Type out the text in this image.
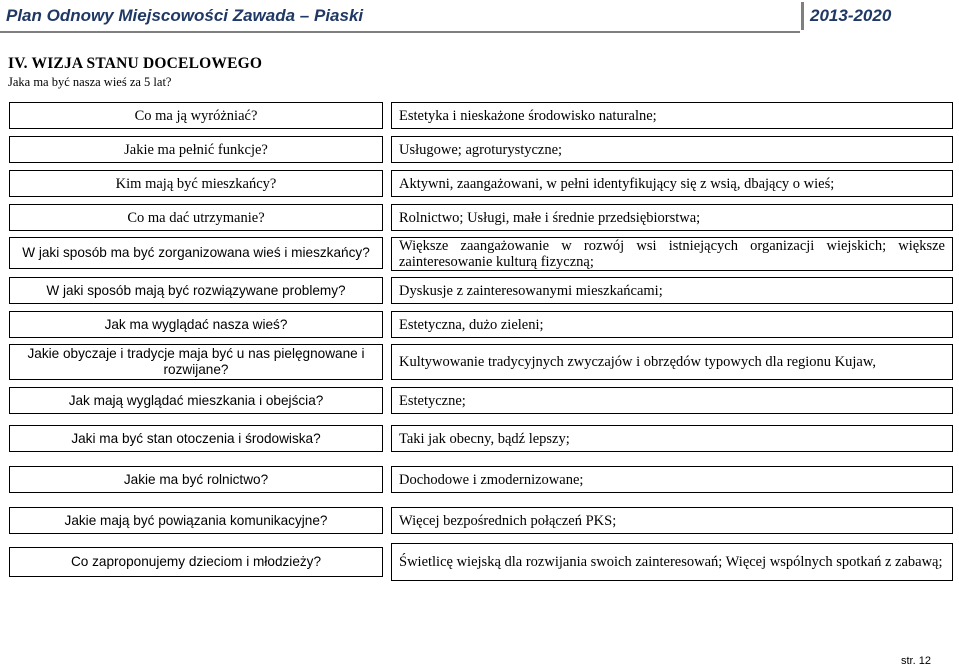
Plan Odnowy Miejscowości Zawada – Piaski	2013-2020
IV. WIZJA STANU DOCELOWEGO
Jaka ma być nasza wieś za 5 lat?
Co ma ją wyróżniać?	Estetyka i nieskażone środowisko naturalne;
Jakie ma pełnić funkcje?	Usługowe; agroturystyczne;
Kim mają być mieszkańcy?	Aktywni, zaangażowani, w pełni identyfikujący się z wsią, dbający o wieś;
Co ma dać utrzymanie?	Rolnictwo; Usługi, małe i średnie przedsiębiorstwa;
W jaki sposób ma być zorganizowana wieś i mieszkańcy?	Większe zaangażowanie w rozwój wsi istniejących organizacji wiejskich; większe zainteresowanie kulturą fizyczną;
W jaki sposób mają być rozwiązywane problemy?	Dyskusje z zainteresowanymi mieszkańcami;
Jak ma wyglądać nasza wieś?	Estetyczna, dużo zieleni;
Jakie obyczaje i tradycje maja być u nas pielęgnowane i rozwijane?	Kultywowanie tradycyjnych zwyczajów i obrzędów typowych dla regionu Kujaw,
Jak mają wyglądać mieszkania i obejścia?	Estetyczne;
Jaki ma być stan otoczenia i środowiska?	Taki jak obecny, bądź lepszy;
Jakie ma być rolnictwo?	Dochodowe i zmodernizowane;
Jakie mają być powiązania komunikacyjne?	Więcej bezpośrednich połączeń PKS;
Co zaproponujemy dzieciom i młodzieży?	Świetlicę wiejską dla rozwijania swoich zainteresowań; Więcej wspólnych spotkań z zabawą;
str. 12
